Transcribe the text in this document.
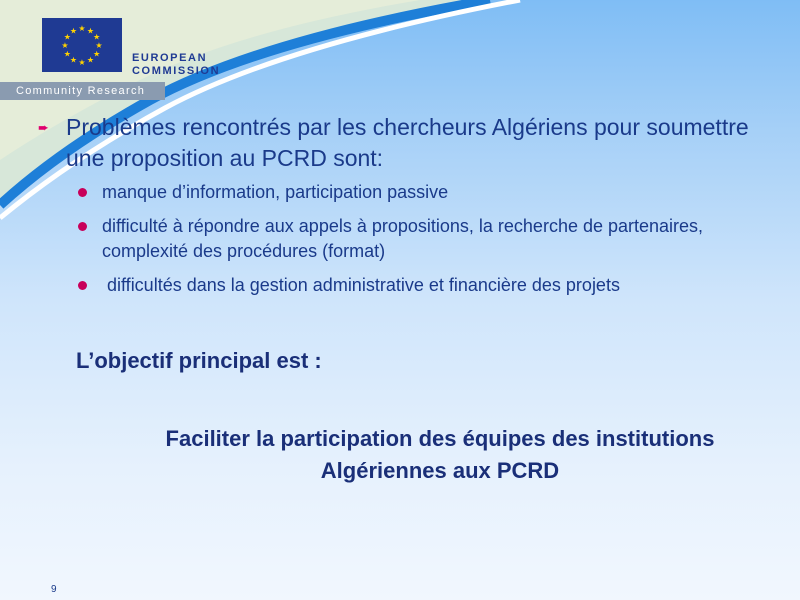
★ ★
★
★
★
★
★
★
★
★
★
★
EUROPEAN
COMMISSION
Community Research
➨ Problèmes rencontrés par les chercheurs Algériens pour soumettre une proposition au PCRD sont:
manque d’information, participation passive
difficulté à répondre aux appels à propositions, la recherche de partenaires, complexité des procédures (format)
difficultés dans la gestion administrative et financière des projets
L’objectif principal est :
Faciliter la participation des équipes des institutions
Algériennes aux PCRD
9
